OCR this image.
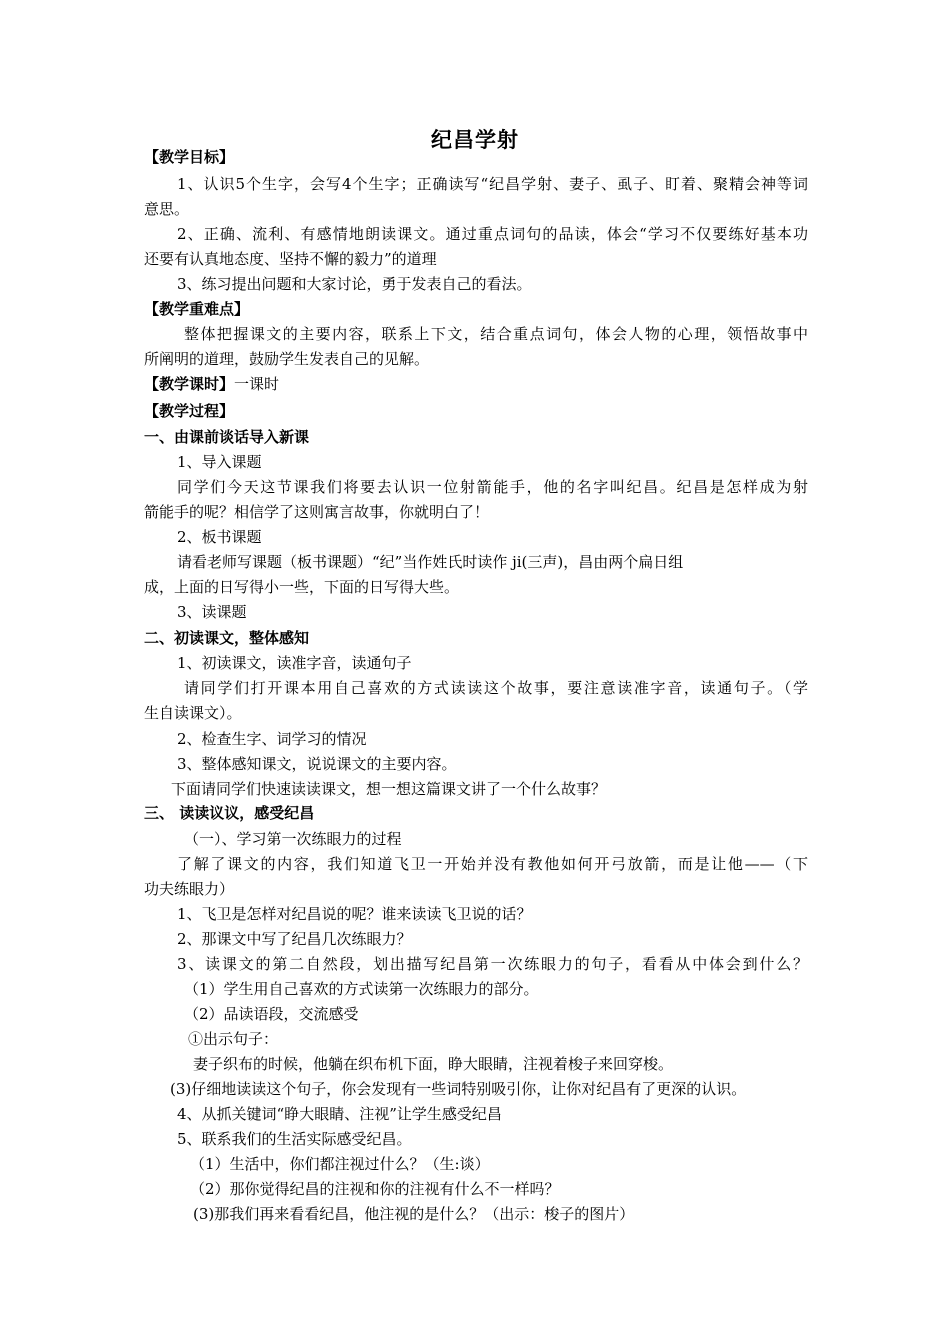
纪昌学射
【教学目标】
1、认识5个生字，会写4个生字；正确读写“纪昌学射、妻子、虱子、盯着、聚精会神等词
意思。
2、正确、流利、有感情地朗读课文。通过重点词句的品读，体会“学习不仅要练好基本功
还要有认真地态度、坚持不懈的毅力”的道理
3、练习提出问题和大家讨论，勇于发表自己的看法。
【教学重难点】
整体把握课文的主要内容，联系上下文，结合重点词句，体会人物的心理，领悟故事中
所阐明的道理，鼓励学生发表自己的见解。
【教学课时】一课时
【教学过程】
一、由课前谈话导入新课
1、导入课题
同学们今天这节课我们将要去认识一位射箭能手，他的名字叫纪昌。纪昌是怎样成为射
箭能手的呢？相信学了这则寓言故事，你就明白了！
2、板书课题
请看老师写课题（板书课题）“纪”当作姓氏时读作 ji(三声)，昌由两个扁日组
成，上面的日写得小一些，下面的日写得大些。
3、读课题
二、初读课文，整体感知
1、初读课文，读准字音，读通句子
请同学们打开课本用自己喜欢的方式读读这个故事，要注意读准字音，读通句子。（学
生自读课文）。
2、检查生字、词学习的情况
3、整体感知课文，说说课文的主要内容。
下面请同学们快速读读课文，想一想这篇课文讲了一个什么故事？
三、 读读议议，感受纪昌
（一）、学习第一次练眼力的过程
了解了课文的内容，我们知道飞卫一开始并没有教他如何开弓放箭，而是让他——（下
功夫练眼力）
1、飞卫是怎样对纪昌说的呢？谁来读读飞卫说的话？
2、那课文中写了纪昌几次练眼力？
3、读课文的第二自然段，划出描写纪昌第一次练眼力的句子，看看从中体会到什么？
（1）学生用自己喜欢的方式读第一次练眼力的部分。
（2）品读语段，交流感受
①出示句子：
妻子织布的时候，他躺在织布机下面，睁大眼睛，注视着梭子来回穿梭。
(3)仔细地读读这个句子，你会发现有一些词特别吸引你，让你对纪昌有了更深的认识。
4、从抓关键词“睁大眼睛、注视”让学生感受纪昌
5、联系我们的生活实际感受纪昌。
（1）生活中，你们都注视过什么？（生:谈）
（2）那你觉得纪昌的注视和你的注视有什么不一样吗？
(3)那我们再来看看纪昌，他注视的是什么？（出示：梭子的图片）
